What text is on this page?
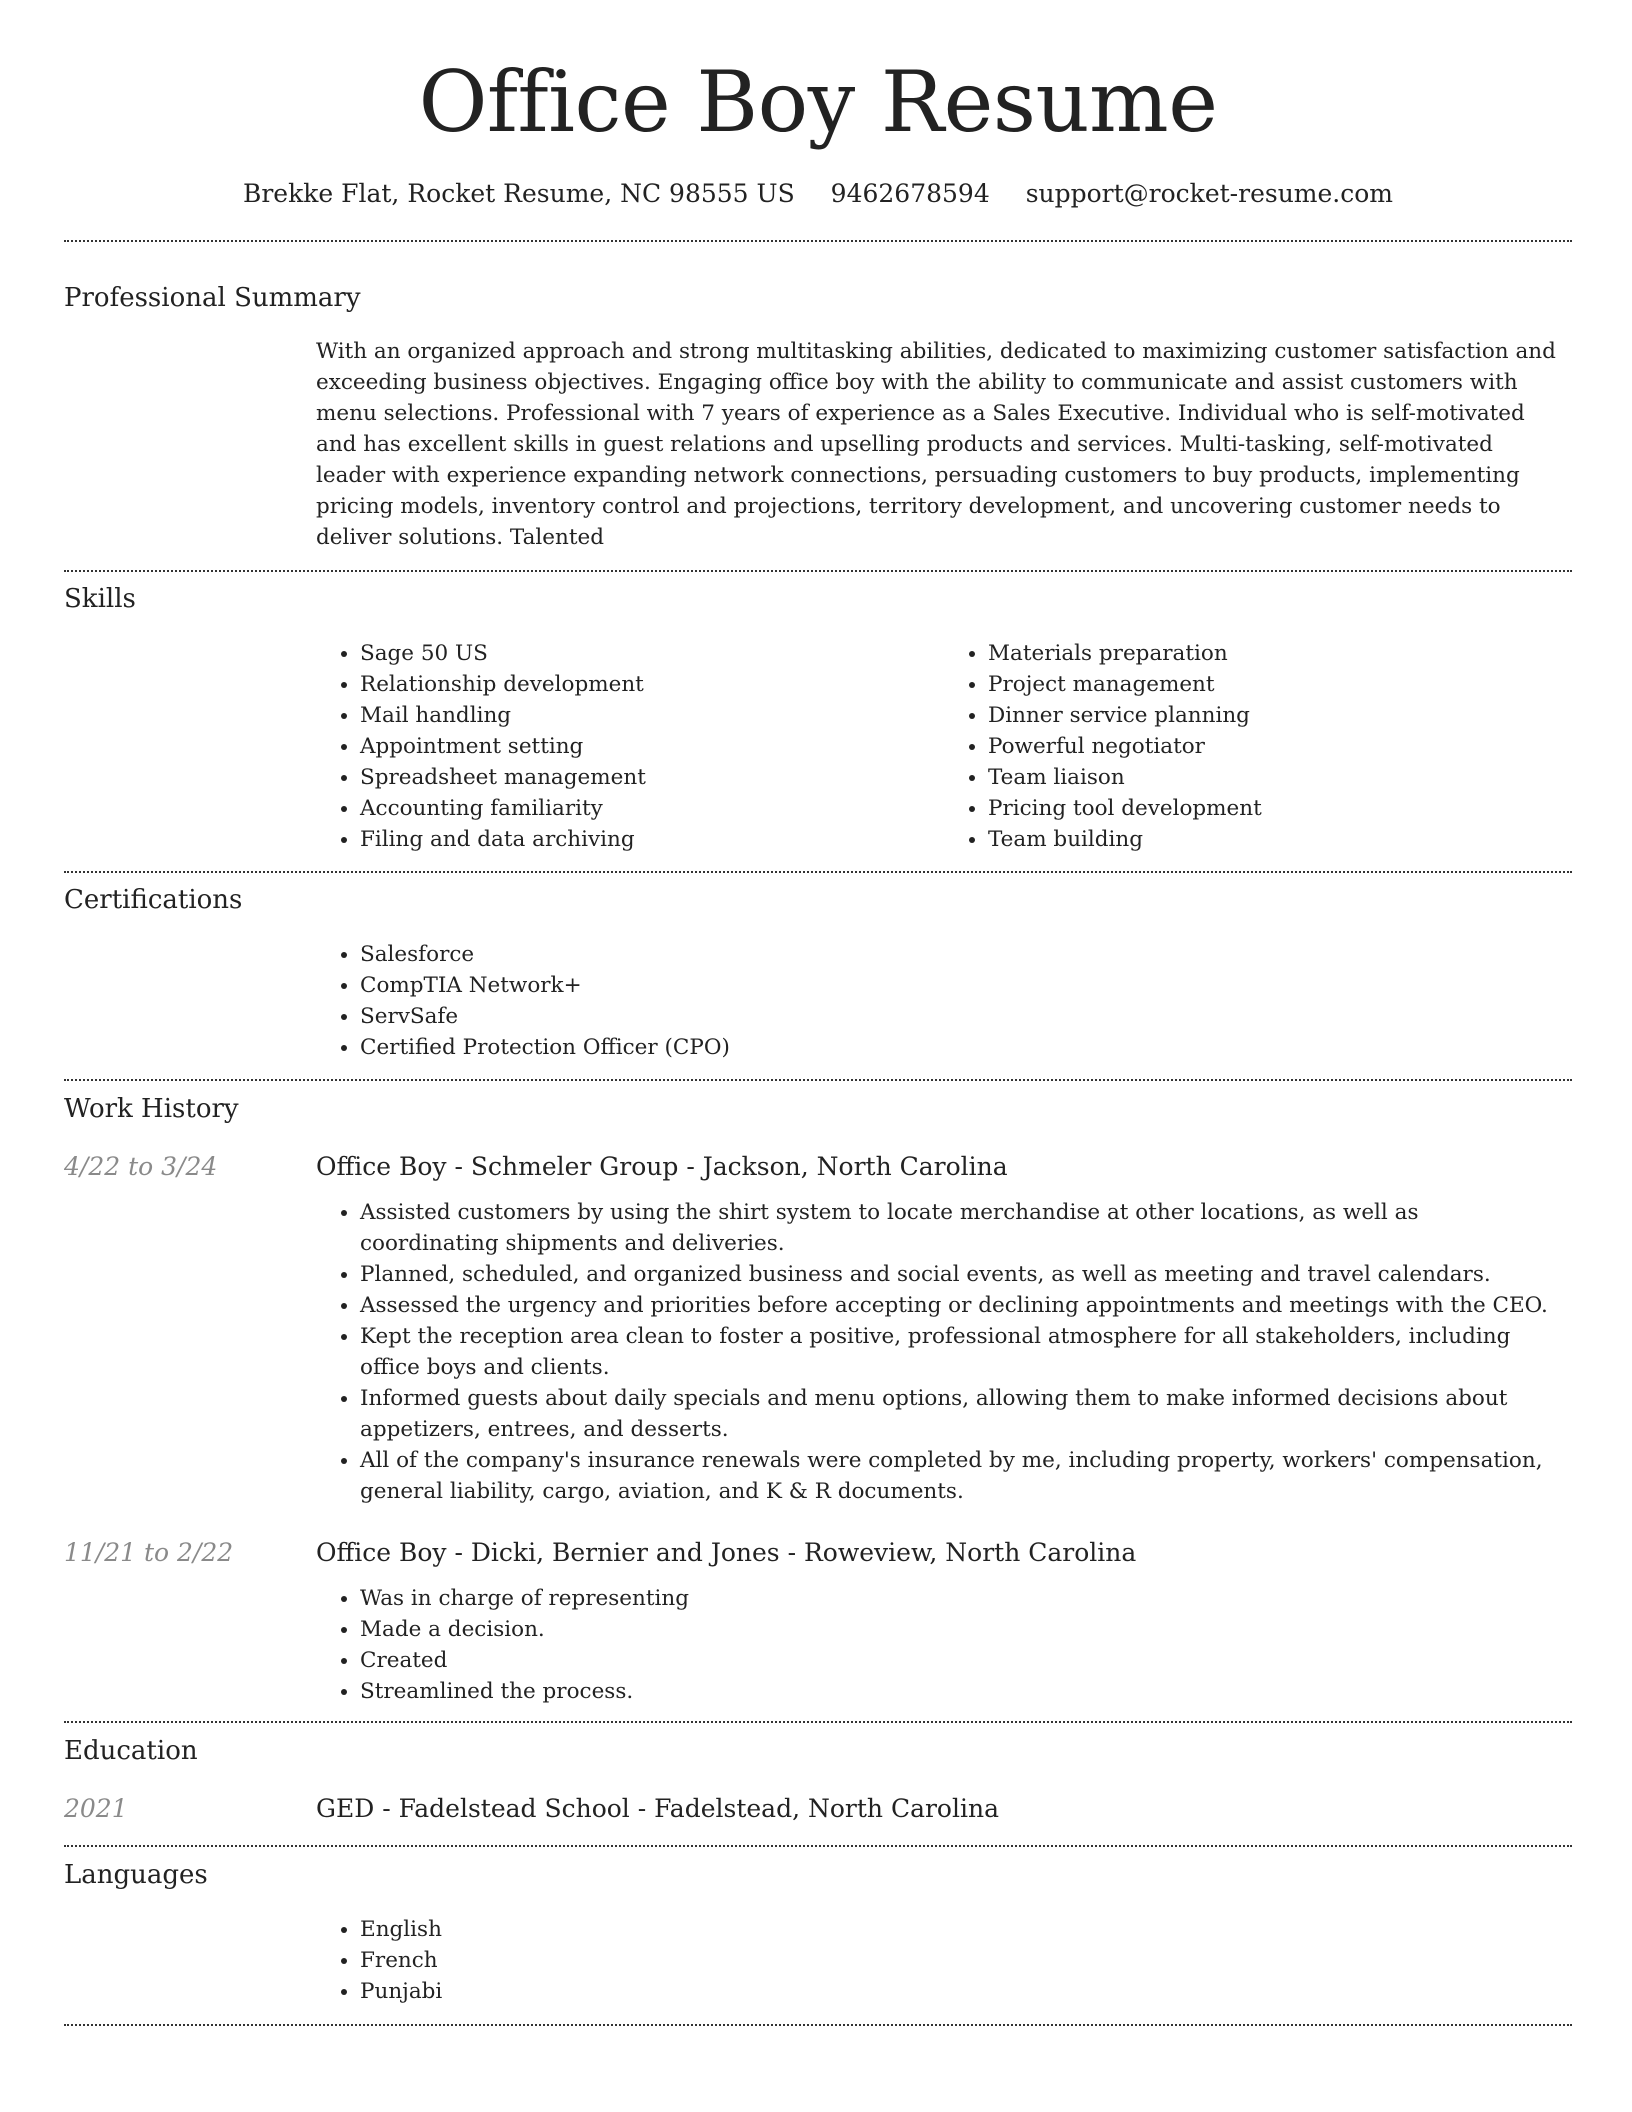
Office Boy Resume
Brekke Flat, Rocket Resume, NC 98555 US 9462678594 support@rocket-resume.com
Professional Summary

With an organized approach and strong multitasking abilities, dedicated to maximizing customer satisfaction and exceeding business objectives. Engaging office boy with the ability to communicate and assist customers with menu selections. Professional with 7 years of experience as a Sales Executive. Individual who is self-motivated and has excellent skills in guest relations and upselling products and services. Multi-tasking, self-motivated leader with experience expanding network connections, persuading customers to buy products, implementing pricing models, inventory control and projections, territory development, and uncovering customer needs to deliver solutions. Talented

Skills
• Sage 50 US
• Relationship development
• Mail handling
• Appointment setting
• Spreadsheet management
• Accounting familiarity
• Filing and data archiving
• Materials preparation
• Project management
• Dinner service planning
• Powerful negotiator
• Team liaison
• Pricing tool development
• Team building
Certifications
• Salesforce
• CompTIA Network+
• ServSafe
• Certified Protection Officer (CPO)
Work History
4/22 to 3/24	Office Boy - Schmeler Group - Jackson, North Carolina
• Assisted customers by using the shirt system to locate merchandise at other locations, as well as coordinating shipments and deliveries.
• Planned, scheduled, and organized business and social events, as well as meeting and travel calendars.
• Assessed the urgency and priorities before accepting or declining appointments and meetings with the CEO.
• Kept the reception area clean to foster a positive, professional atmosphere for all stakeholders, including office boys and clients.
• Informed guests about daily specials and menu options, allowing them to make informed decisions about appetizers, entrees, and desserts.
• All of the company's insurance renewals were completed by me, including property, workers' compensation, general liability, cargo, aviation, and K & R documents.
11/21 to 2/22	Office Boy - Dicki, Bernier and Jones - Roweview, North Carolina
• Was in charge of representing
• Made a decision.
• Created
• Streamlined the process.
Education
2021	GED - Fadelstead School - Fadelstead, North Carolina
Languages
• English
• French
• Punjabi
